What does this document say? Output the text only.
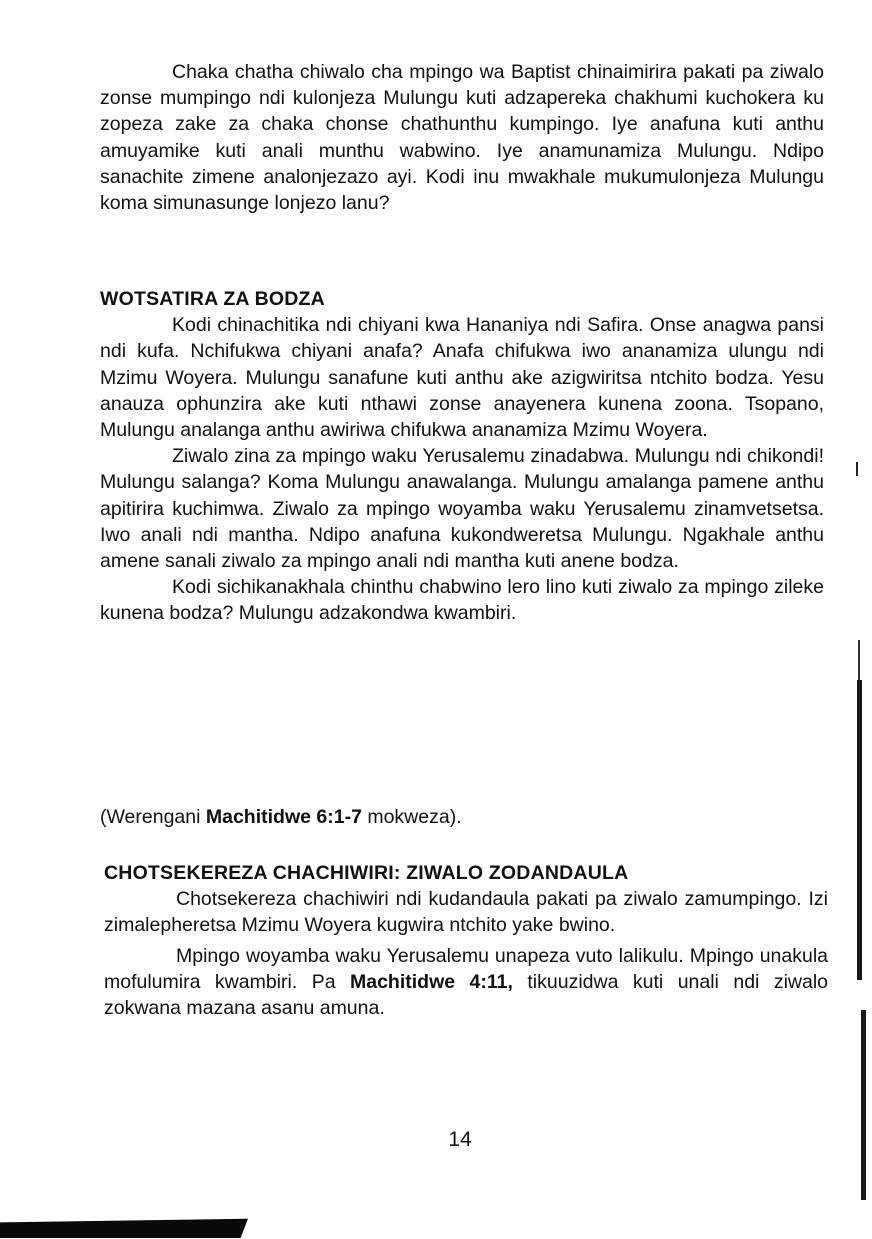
Chaka chatha chiwalo cha mpingo wa Baptist chinaimirira pakati pa ziwalo zonse mumpingo ndi kulonjeza Mulungu kuti adzapereka chakhumi kuchokera ku zopeza zake za chaka chonse chathunthu kumpingo. Iye anafuna kuti anthu amuyamike kuti anali munthu wabwino. Iye anamunamiza Mulungu. Ndipo sanachite zimene analonjezazo ayi. Kodi inu mwakhale mukumulonjeza Mulungu koma simunasunge lonjezo lanu?

WOTSATIRA ZA BODZA

Kodi chinachitika ndi chiyani kwa Hananiya ndi Safira. Onse anagwa pansi ndi kufa. Nchifukwa chiyani anafa? Anafa chifukwa iwo ananamiza ulungu ndi Mzimu Woyera. Mulungu sanafune kuti anthu ake azigwiritsa ntchito bodza. Yesu anauza ophunzira ake kuti nthawi zonse anayenera kunena zoona. Tsopano, Mulungu analanga anthu awiriwa chifukwa ananamiza Mzimu Woyera.

Ziwalo zina za mpingo waku Yerusalemu zinadabwa. Mulungu ndi chikondi! Mulungu salanga? Koma Mulungu anawalanga. Mulungu amalanga pamene anthu apitirira kuchimwa. Ziwalo za mpingo woyamba waku Yerusalemu zinamvetsetsa. Iwo anali ndi mantha. Ndipo anafuna kukondweretsa Mulungu. Ngakhale anthu amene sanali ziwalo za mpingo anali ndi mantha kuti anene bodza.

Kodi sichikanakhala chinthu chabwino lero lino kuti ziwalo za mpingo zileke kunena bodza? Mulungu adzakondwa kwambiri.

(Werengani Machitidwe 6:1-7 mokweza).

CHOTSEKEREZA CHACHIWIRI: ZIWALO ZODANDAULA

Chotsekereza chachiwiri ndi kudandaula pakati pa ziwalo zamumpingo. Izi zimalepheretsa Mzimu Woyera kugwira ntchito yake bwino.

Mpingo woyamba waku Yerusalemu unapeza vuto lalikulu. Mpingo unakula mofulumira kwambiri. Pa Machitidwe 4:11, tikuuzidwa kuti unali ndi ziwalo zokwana mazana asanu amuna.

14
